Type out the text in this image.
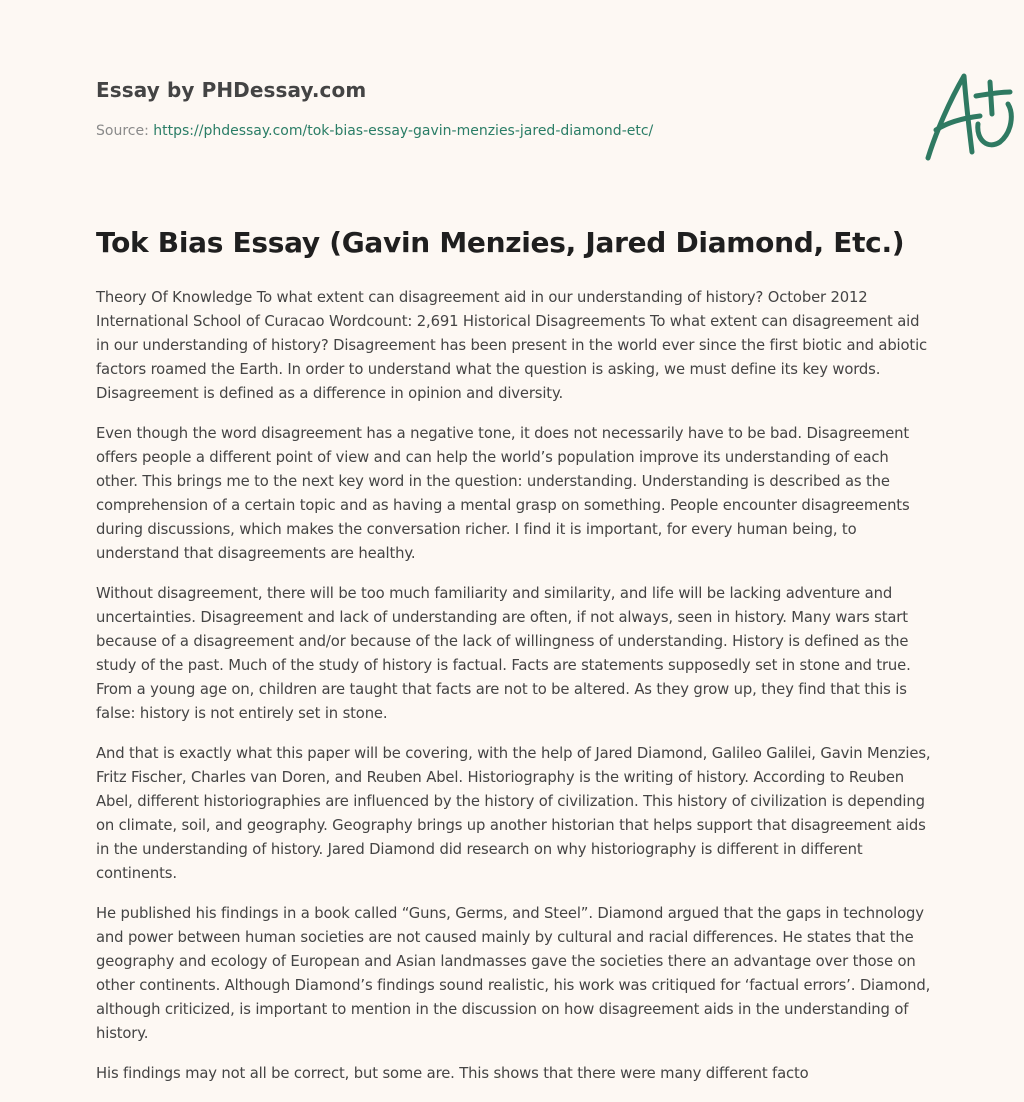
Essay by PHDessay.com
Source: https://phdessay.com/tok-bias-essay-gavin-menzies-jared-diamond-etc/
Tok Bias Essay (Gavin Menzies, Jared Diamond, Etc.)

Theory Of Knowledge To what extent can disagreement aid in our understanding of history? October 2012 International School of Curacao Wordcount: 2,691 Historical Disagreements To what extent can disagreement aid in our understanding of history? Disagreement has been present in the world ever since the first biotic and abiotic factors roamed the Earth. In order to understand what the question is asking, we must define its key words. Disagreement is defined as a difference in opinion and diversity.

Even though the word disagreement has a negative tone, it does not necessarily have to be bad. Disagreement offers people a different point of view and can help the world’s population improve its understanding of each other. This brings me to the next key word in the question: understanding. Understanding is described as the comprehension of a certain topic and as having a mental grasp on something. People encounter disagreements during discussions, which makes the conversation richer. I find it is important, for every human being, to understand that disagreements are healthy.

Without disagreement, there will be too much familiarity and similarity, and life will be lacking adventure and uncertainties. Disagreement and lack of understanding are often, if not always, seen in history. Many wars start because of a disagreement and/or because of the lack of willingness of understanding. History is defined as the study of the past. Much of the study of history is factual. Facts are statements supposedly set in stone and true. From a young age on, children are taught that facts are not to be altered. As they grow up, they find that this is false: history is not entirely set in stone.

And that is exactly what this paper will be covering, with the help of Jared Diamond, Galileo Galilei, Gavin Menzies, Fritz Fischer, Charles van Doren, and Reuben Abel. Historiography is the writing of history. According to Reuben Abel, different historiographies are influenced by the history of civilization. This history of civilization is depending on climate, soil, and geography. Geography brings up another historian that helps support that disagreement aids in the understanding of history. Jared Diamond did research on why historiography is different in different continents.

He published his findings in a book called “Guns, Germs, and Steel”. Diamond argued that the gaps in technology and power between human societies are not caused mainly by cultural and racial differences. He states that the geography and ecology of European and Asian landmasses gave the societies there an advantage over those on other continents. Although Diamond’s findings sound realistic, his work was critiqued for ‘factual errors’. Diamond, although criticized, is important to mention in the discussion on how disagreement aids in the understanding of history.

His findings may not all be correct, but some are. This shows that there were many different facto
